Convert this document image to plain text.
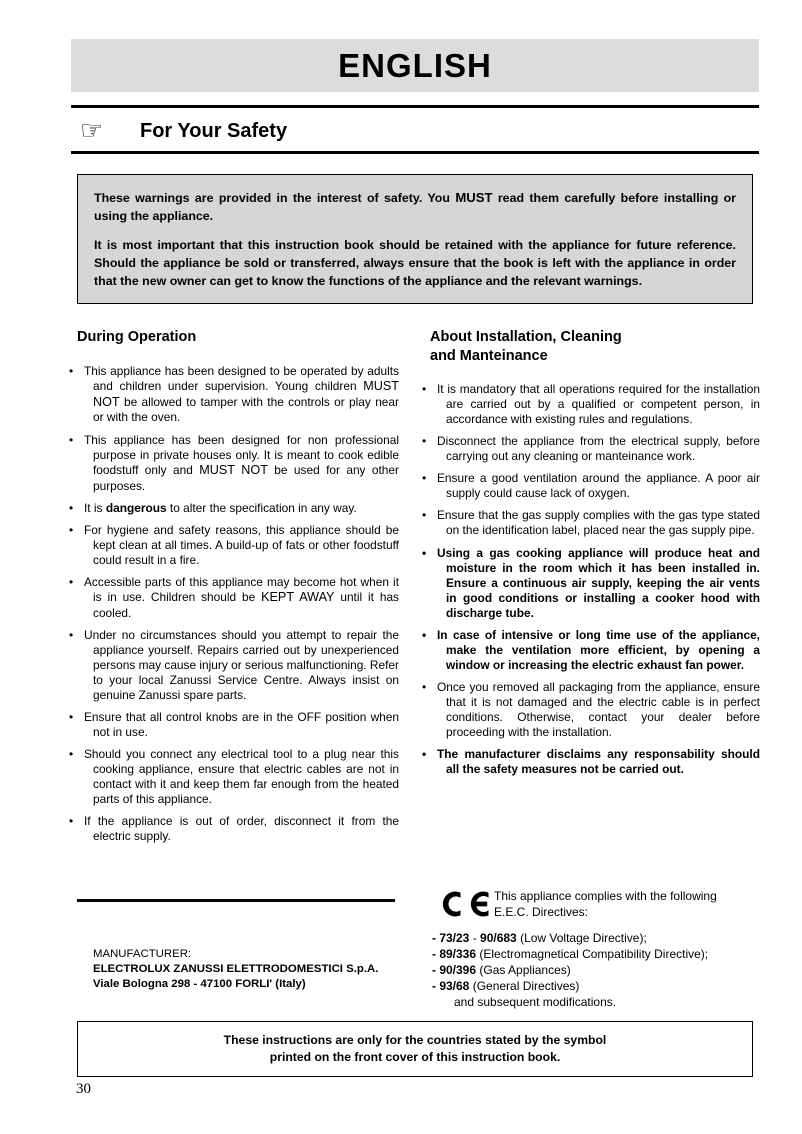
ENGLISH
☞	For Your Safety

These warnings are provided in the interest of safety. You MUST read them carefully before installing or using the appliance.

It is most important that this instruction book should be retained with the appliance for future reference. Should the appliance be sold or transferred, always ensure that the book is left with the appliance in order that the new owner can get to know the functions of the appliance and the relevant warnings.

During Operation
• This appliance has been designed to be operated by adults and children under supervision. Young children MUST NOT be allowed to tamper with the controls or play near or with the oven.
• This appliance has been designed for non professional purpose in private houses only. It is meant to cook edible foodstuff only and MUST NOT be used for any other purposes.
• It is dangerous to alter the specification in any way.
• For hygiene and safety reasons, this appliance should be kept clean at all times. A build-up of fats or other foodstuff could result in a fire.
• Accessible parts of this appliance may become hot when it is in use. Children should be KEPT AWAY until it has cooled.
• Under no circumstances should you attempt to repair the appliance yourself. Repairs carried out by unexperienced persons may cause injury or serious malfunctioning. Refer to your local Zanussi Service Centre. Always insist on genuine Zanussi spare parts.
• Ensure that all control knobs are in the OFF position when not in use.
• Should you connect any electrical tool to a plug near this cooking appliance, ensure that electric cables are not in contact with it and keep them far enough from the heated parts of this appliance.
• If the appliance is out of order, disconnect it from the electric supply.
About Installation, Cleaning
and Manteinance
• It is mandatory that all operations required for the installation are carried out by a qualified or competent person, in accordance with existing rules and regulations.
• Disconnect the appliance from the electrical supply, before carrying out any cleaning or manteinance work.
• Ensure a good ventilation around the appliance. A poor air supply could cause lack of oxygen.
• Ensure that the gas supply complies with the gas type stated on the identification label, placed near the gas supply pipe.
• Using a gas cooking appliance will produce heat and moisture in the room which it has been installed in. Ensure a continuous air supply, keeping the air vents in good conditions or installing a cooker hood with discharge tube.
• In case of intensive or long time use of the appliance, make the ventilation more efficient, by opening a window or increasing the electric exhaust fan power.
• Once you removed all packaging from the appliance, ensure that it is not damaged and the electric cable is in perfect conditions. Otherwise, contact your dealer before proceeding with the installation.
• The manufacturer disclaims any responsability should all the safety measures not be carried out.
MANUFACTURER:
ELECTROLUX ZANUSSI ELETTRODOMESTICI S.p.A.
Viale Bologna 298 - 47100 FORLI' (Italy)
This appliance complies with the following
E.E.C. Directives:
- 73/23 - 90/683 (Low Voltage Directive);
- 89/336 (Electromagnetical Compatibility Directive);
- 90/396 (Gas Appliances)
- 93/68 (General Directives)
and subsequent modifications.

These instructions are only for the countries stated by the symbol

printed on the front cover of this instruction book.

30
